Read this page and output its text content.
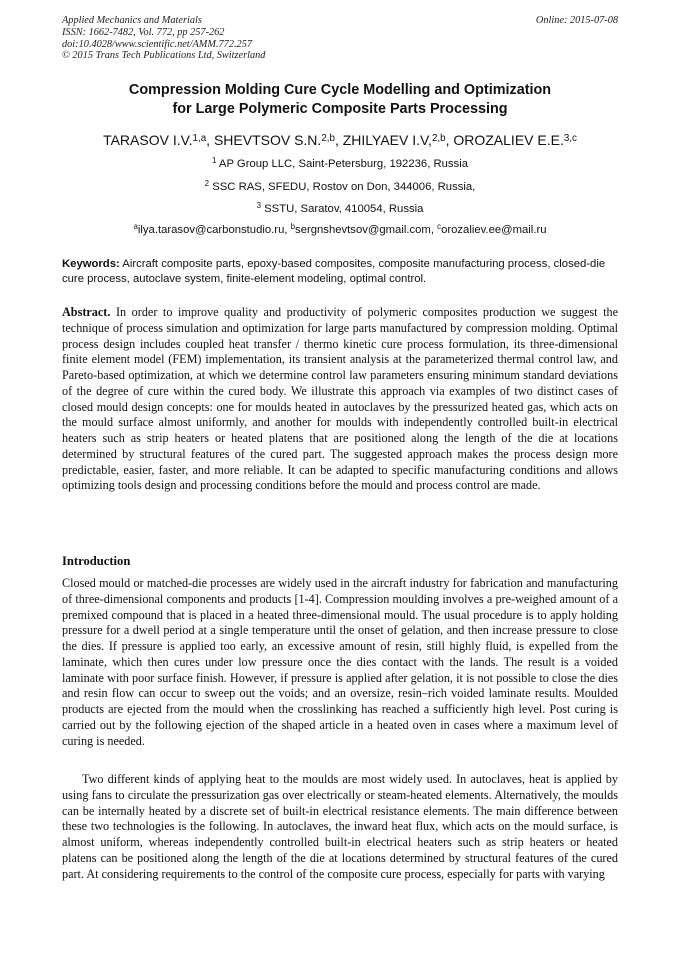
Applied Mechanics and Materials
ISSN: 1662-7482, Vol. 772, pp 257-262
doi:10.4028/www.scientific.net/AMM.772.257
© 2015 Trans Tech Publications Ltd, Switzerland
Online: 2015-07-08
Compression Molding Cure Cycle Modelling and Optimization
for Large Polymeric Composite Parts Processing
TARASOV I.V.$^{1,a}$, SHEVTSOV S.N.$^{2,b}$, ZHILYAEV I.V,$^{2,b}$, OROZALIEV E.E.$^{3,c}$
$^1$ AP Group LLC, Saint-Petersburg, 192236, Russia
$^2$ SSC RAS, SFEDU, Rostov on Don, 344006, Russia,
$^3$ SSTU, Saratov, 410054, Russia
$^a$ilya.tarasov@carbonstudio.ru, $^b$sergnshevtsov@gmail.com, $^c$orozaliev.ee@mail.ru
Keywords: Aircraft composite parts, epoxy-based composites, composite manufacturing process, closed-die cure process, autoclave system, finite-element modeling, optimal control.
Abstract. In order to improve quality and productivity of polymeric composites production we suggest the technique of process simulation and optimization for large parts manufactured by compression molding. Optimal process design includes coupled heat transfer / thermo kinetic cure process formulation, its three-dimensional finite element model (FEM) implementation, its transient analysis at the parameterized thermal control law, and Pareto-based optimization, at which we determine control law parameters ensuring minimum standard deviations of the degree of cure within the cured body. We illustrate this approach via examples of two distinct cases of closed mould design concepts: one for moulds heated in autoclaves by the pressurized heated gas, which acts on the mould surface almost uniformly, and another for moulds with independently controlled built-in electrical heaters such as strip heaters or heated platens that are positioned along the length of the die at locations determined by structural features of the cured part. The suggested approach makes the process design more predictable, easier, faster, and more reliable. It can be adapted to specific manufacturing conditions and allows optimizing tools design and processing conditions before the mould and process control are made.
Introduction
Closed mould or matched-die processes are widely used in the aircraft industry for fabrication and manufacturing of three-dimensional components and products [1-4]. Compression moulding involves a pre-weighed amount of a premixed compound that is placed in a heated three-dimensional mould. The usual procedure is to apply holding pressure for a dwell period at a single temperature until the onset of gelation, and then increase pressure to close the dies. If pressure is applied too early, an excessive amount of resin, still highly fluid, is expelled from the laminate, which then cures under low pressure once the dies contact with the lands. The result is a voided laminate with poor surface finish. However, if pressure is applied after gelation, it is not possible to close the dies and resin flow can occur to sweep out the voids; and an oversize, resin–rich voided laminate results. Moulded products are ejected from the mould when the crosslinking has reached a sufficiently high level. Post curing is carried out by the following ejection of the shaped article in a heated oven in cases where a maximum level of curing is needed.
Two different kinds of applying heat to the moulds are most widely used. In autoclaves, heat is applied by using fans to circulate the pressurization gas over electrically or steam-heated elements. Alternatively, the moulds can be internally heated by a discrete set of built-in electrical resistance elements. The main difference between these two technologies is the following. In autoclaves, the inward heat flux, which acts on the mould surface, is almost uniform, whereas independently controlled built-in electrical heaters such as strip heaters or heated platens can be positioned along the length of the die at locations determined by structural features of the cured part. At considering requirements to the control of the composite cure process, especially for parts with varying
